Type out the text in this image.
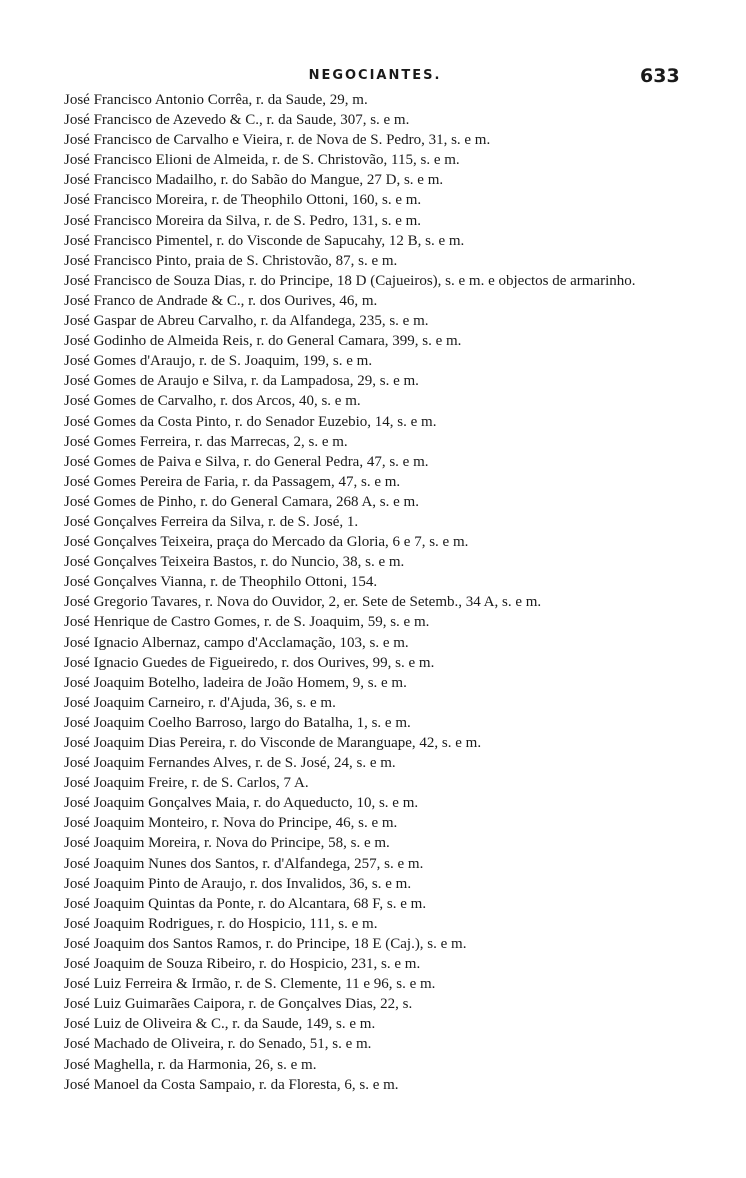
NEGOCIANTES.	633
José Francisco Antonio Corrêa, r. da Saude, 29, m.
José Francisco de Azevedo & C., r. da Saude, 307, s. e m.
José Francisco de Carvalho e Vieira, r. de Nova de S. Pedro, 31, s. e m.
José Francisco Elioni de Almeida, r. de S. Christovão, 115, s. e m.
José Francisco Madailho, r. do Sabão do Mangue, 27 D, s. e m.
José Francisco Moreira, r. de Theophilo Ottoni, 160, s. e m.
José Francisco Moreira da Silva, r. de S. Pedro, 131, s. e m.
José Francisco Pimentel, r. do Visconde de Sapucahy, 12 B, s. e m.
José Francisco Pinto, praia de S. Christovão, 87, s. e m.
José Francisco de Souza Dias, r. do Principe, 18 D (Cajueiros), s. e m. e objectos de armarinho.
José Franco de Andrade & C., r. dos Ourives, 46, m.
José Gaspar de Abreu Carvalho, r. da Alfandega, 235, s. e m.
José Godinho de Almeida Reis, r. do General Camara, 399, s. e m.
José Gomes d'Araujo, r. de S. Joaquim, 199, s. e m.
José Gomes de Araujo e Silva, r. da Lampadosa, 29, s. e m.
José Gomes de Carvalho, r. dos Arcos, 40, s. e m.
José Gomes da Costa Pinto, r. do Senador Euzebio, 14, s. e m.
José Gomes Ferreira, r. das Marrecas, 2, s. e m.
José Gomes de Paiva e Silva, r. do General Pedra, 47, s. e m.
José Gomes Pereira de Faria, r. da Passagem, 47, s. e m.
José Gomes de Pinho, r. do General Camara, 268 A, s. e m.
José Gonçalves Ferreira da Silva, r. de S. José, 1.
José Gonçalves Teixeira, praça do Mercado da Gloria, 6 e 7, s. e m.
José Gonçalves Teixeira Bastos, r. do Nuncio, 38, s. e m.
José Gonçalves Vianna, r. de Theophilo Ottoni, 154.
José Gregorio Tavares, r. Nova do Ouvidor, 2, er. Sete de Setemb., 34 A, s. e m.
José Henrique de Castro Gomes, r. de S. Joaquim, 59, s. e m.
José Ignacio Albernaz, campo d'Acclamação, 103, s. e m.
José Ignacio Guedes de Figueiredo, r. dos Ourives, 99, s. e m.
José Joaquim Botelho, ladeira de João Homem, 9, s. e m.
José Joaquim Carneiro, r. d'Ajuda, 36, s. e m.
José Joaquim Coelho Barroso, largo do Batalha, 1, s. e m.
José Joaquim Dias Pereira, r. do Visconde de Maranguape, 42, s. e m.
José Joaquim Fernandes Alves, r. de S. José, 24, s. e m.
José Joaquim Freire, r. de S. Carlos, 7 A.
José Joaquim Gonçalves Maia, r. do Aqueducto, 10, s. e m.
José Joaquim Monteiro, r. Nova do Principe, 46, s. e m.
José Joaquim Moreira, r. Nova do Principe, 58, s. e m.
José Joaquim Nunes dos Santos, r. d'Alfandega, 257, s. e m.
José Joaquim Pinto de Araujo, r. dos Invalidos, 36, s. e m.
José Joaquim Quintas da Ponte, r. do Alcantara, 68 F, s. e m.
José Joaquim Rodrigues, r. do Hospicio, 111, s. e m.
José Joaquim dos Santos Ramos, r. do Principe, 18 E (Caj.), s. e m.
José Joaquim de Souza Ribeiro, r. do Hospicio, 231, s. e m.
José Luiz Ferreira & Irmão, r. de S. Clemente, 11 e 96, s. e m.
José Luiz Guimarães Caipora, r. de Gonçalves Dias, 22, s.
José Luiz de Oliveira & C., r. da Saude, 149, s. e m.
José Machado de Oliveira, r. do Senado, 51, s. e m.
José Maghella, r. da Harmonia, 26, s. e m.
José Manoel da Costa Sampaio, r. da Floresta, 6, s. e m.
